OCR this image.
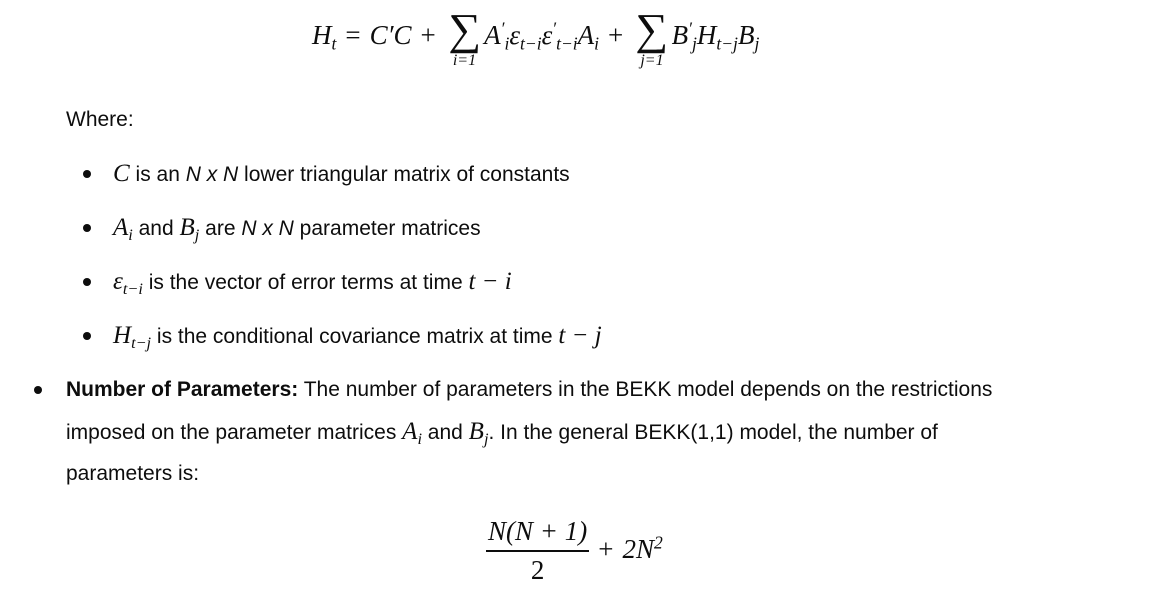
$H_t = C'C$ + ∑
i=1
$A'_i\varepsilon_{t-i}\varepsilon'_{t-i}A_i$ + ∑
j=1
$B'_jH_{t-j}B_j$
Where:
C is an N x N lower triangular matrix of constants
$A_i$ and $B_j$ are N x N parameter matrices
$\varepsilon_{t-i}$ is the vector of error terms at time t − i
$H_{t-j}$ is the conditional covariance matrix at time t − j
Number of Parameters: The number of parameters in the BEKK model depends on the restrictions
imposed on the parameter matrices $A_i$ and $B_j$. In the general BEKK(1,1) model, the number of
parameters is:
$\frac{N(N + 1)}{2} + 2N^2$
